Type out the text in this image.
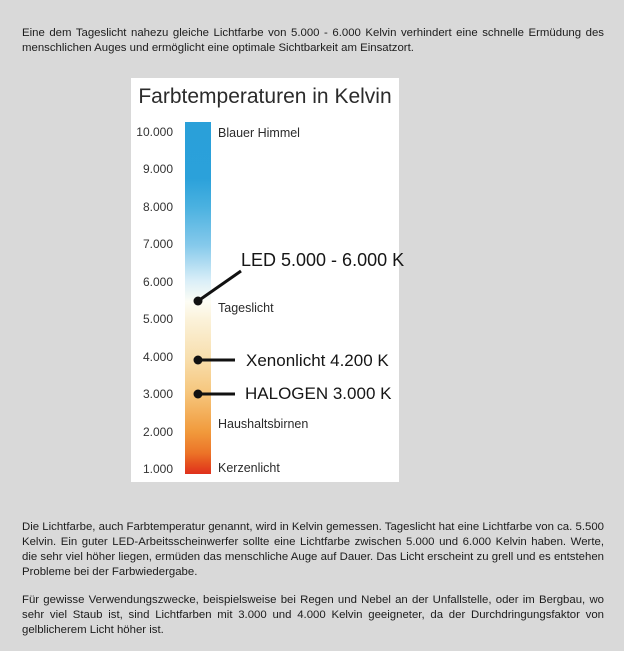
Eine dem Tageslicht nahezu gleiche Lichtfarbe von 5.000 - 6.000 Kelvin verhindert eine schnelle Ermüdung des menschlichen Auges und ermöglicht eine optimale Sichtbarkeit am Einsatzort.

Farbtemperaturen in Kelvin
10.000
9.000
8.000
7.000
6.000
5.000
4.000
3.000
2.000
1.000
Blauer Himmel
Tageslicht
Haushaltsbirnen
Kerzenlicht
LED 5.000 - 6.000 K
Xenonlicht 4.200 K
HALOGEN 3.000 K

Die Lichtfarbe, auch Farbtemperatur genannt, wird in Kelvin gemessen. Tageslicht hat eine Lichtfarbe von ca. 5.500 Kelvin. Ein guter LED-Arbeitsscheinwerfer sollte eine Lichtfarbe zwischen 5.000 und 6.000 Kelvin haben. Werte, die sehr viel höher liegen, ermüden das menschliche Auge auf Dauer. Das Licht erscheint zu grell und es entstehen Probleme bei der Farbwiedergabe.

Für gewisse Verwendungszwecke, beispielsweise bei Regen und Nebel an der Unfallstelle, oder im Bergbau, wo sehr viel Staub ist, sind Lichtfarben mit 3.000 und 4.000 Kelvin geeigneter, da der Durchdringungsfaktor von gelblicherem Licht höher ist.
